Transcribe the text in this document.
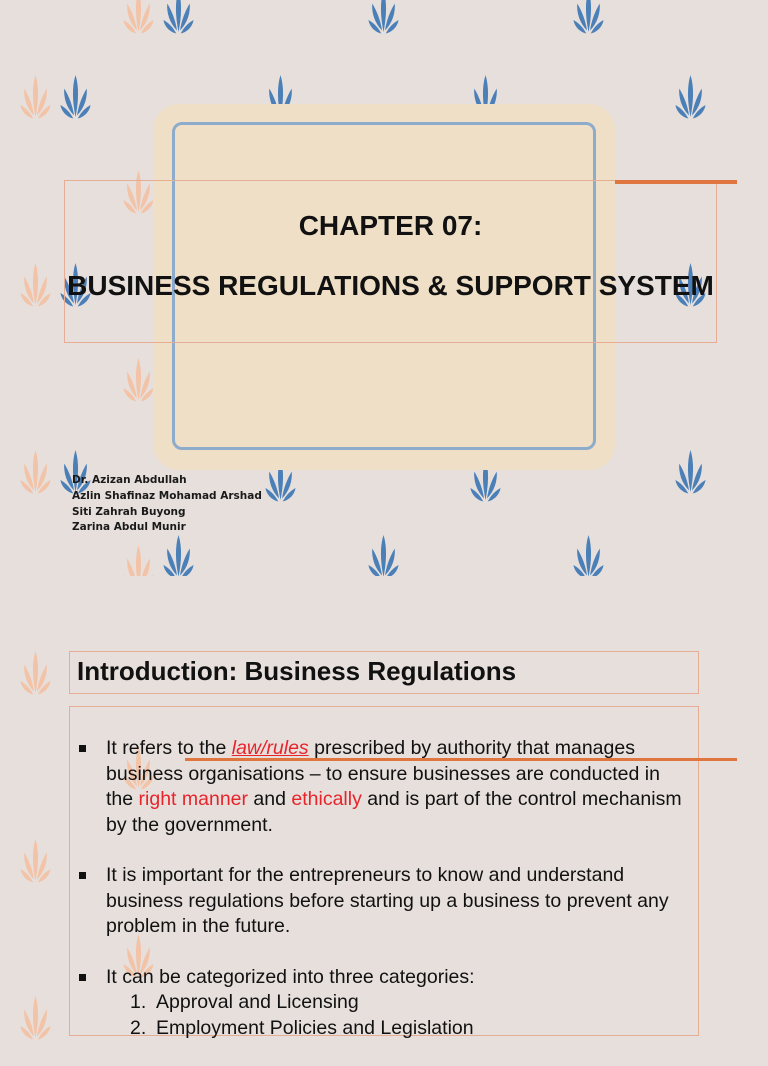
CHAPTER 07:
BUSINESS REGULATIONS & SUPPORT SYSTEM
Dr. Azizan Abdullah
Azlin Shafinaz Mohamad Arshad
Siti Zahrah Buyong
Zarina Abdul Munir
Introduction: Business Regulations
It refers to the law/rules prescribed by authority that manages business organisations – to ensure businesses are conducted in the right manner and ethically and is part of the control mechanism by the government.
It is important for the entrepreneurs to know and understand business regulations before starting up a business to prevent any problem in the future.
It can be categorized into three categories:
1. Approval and Licensing
2. Employment Policies and Legislation
